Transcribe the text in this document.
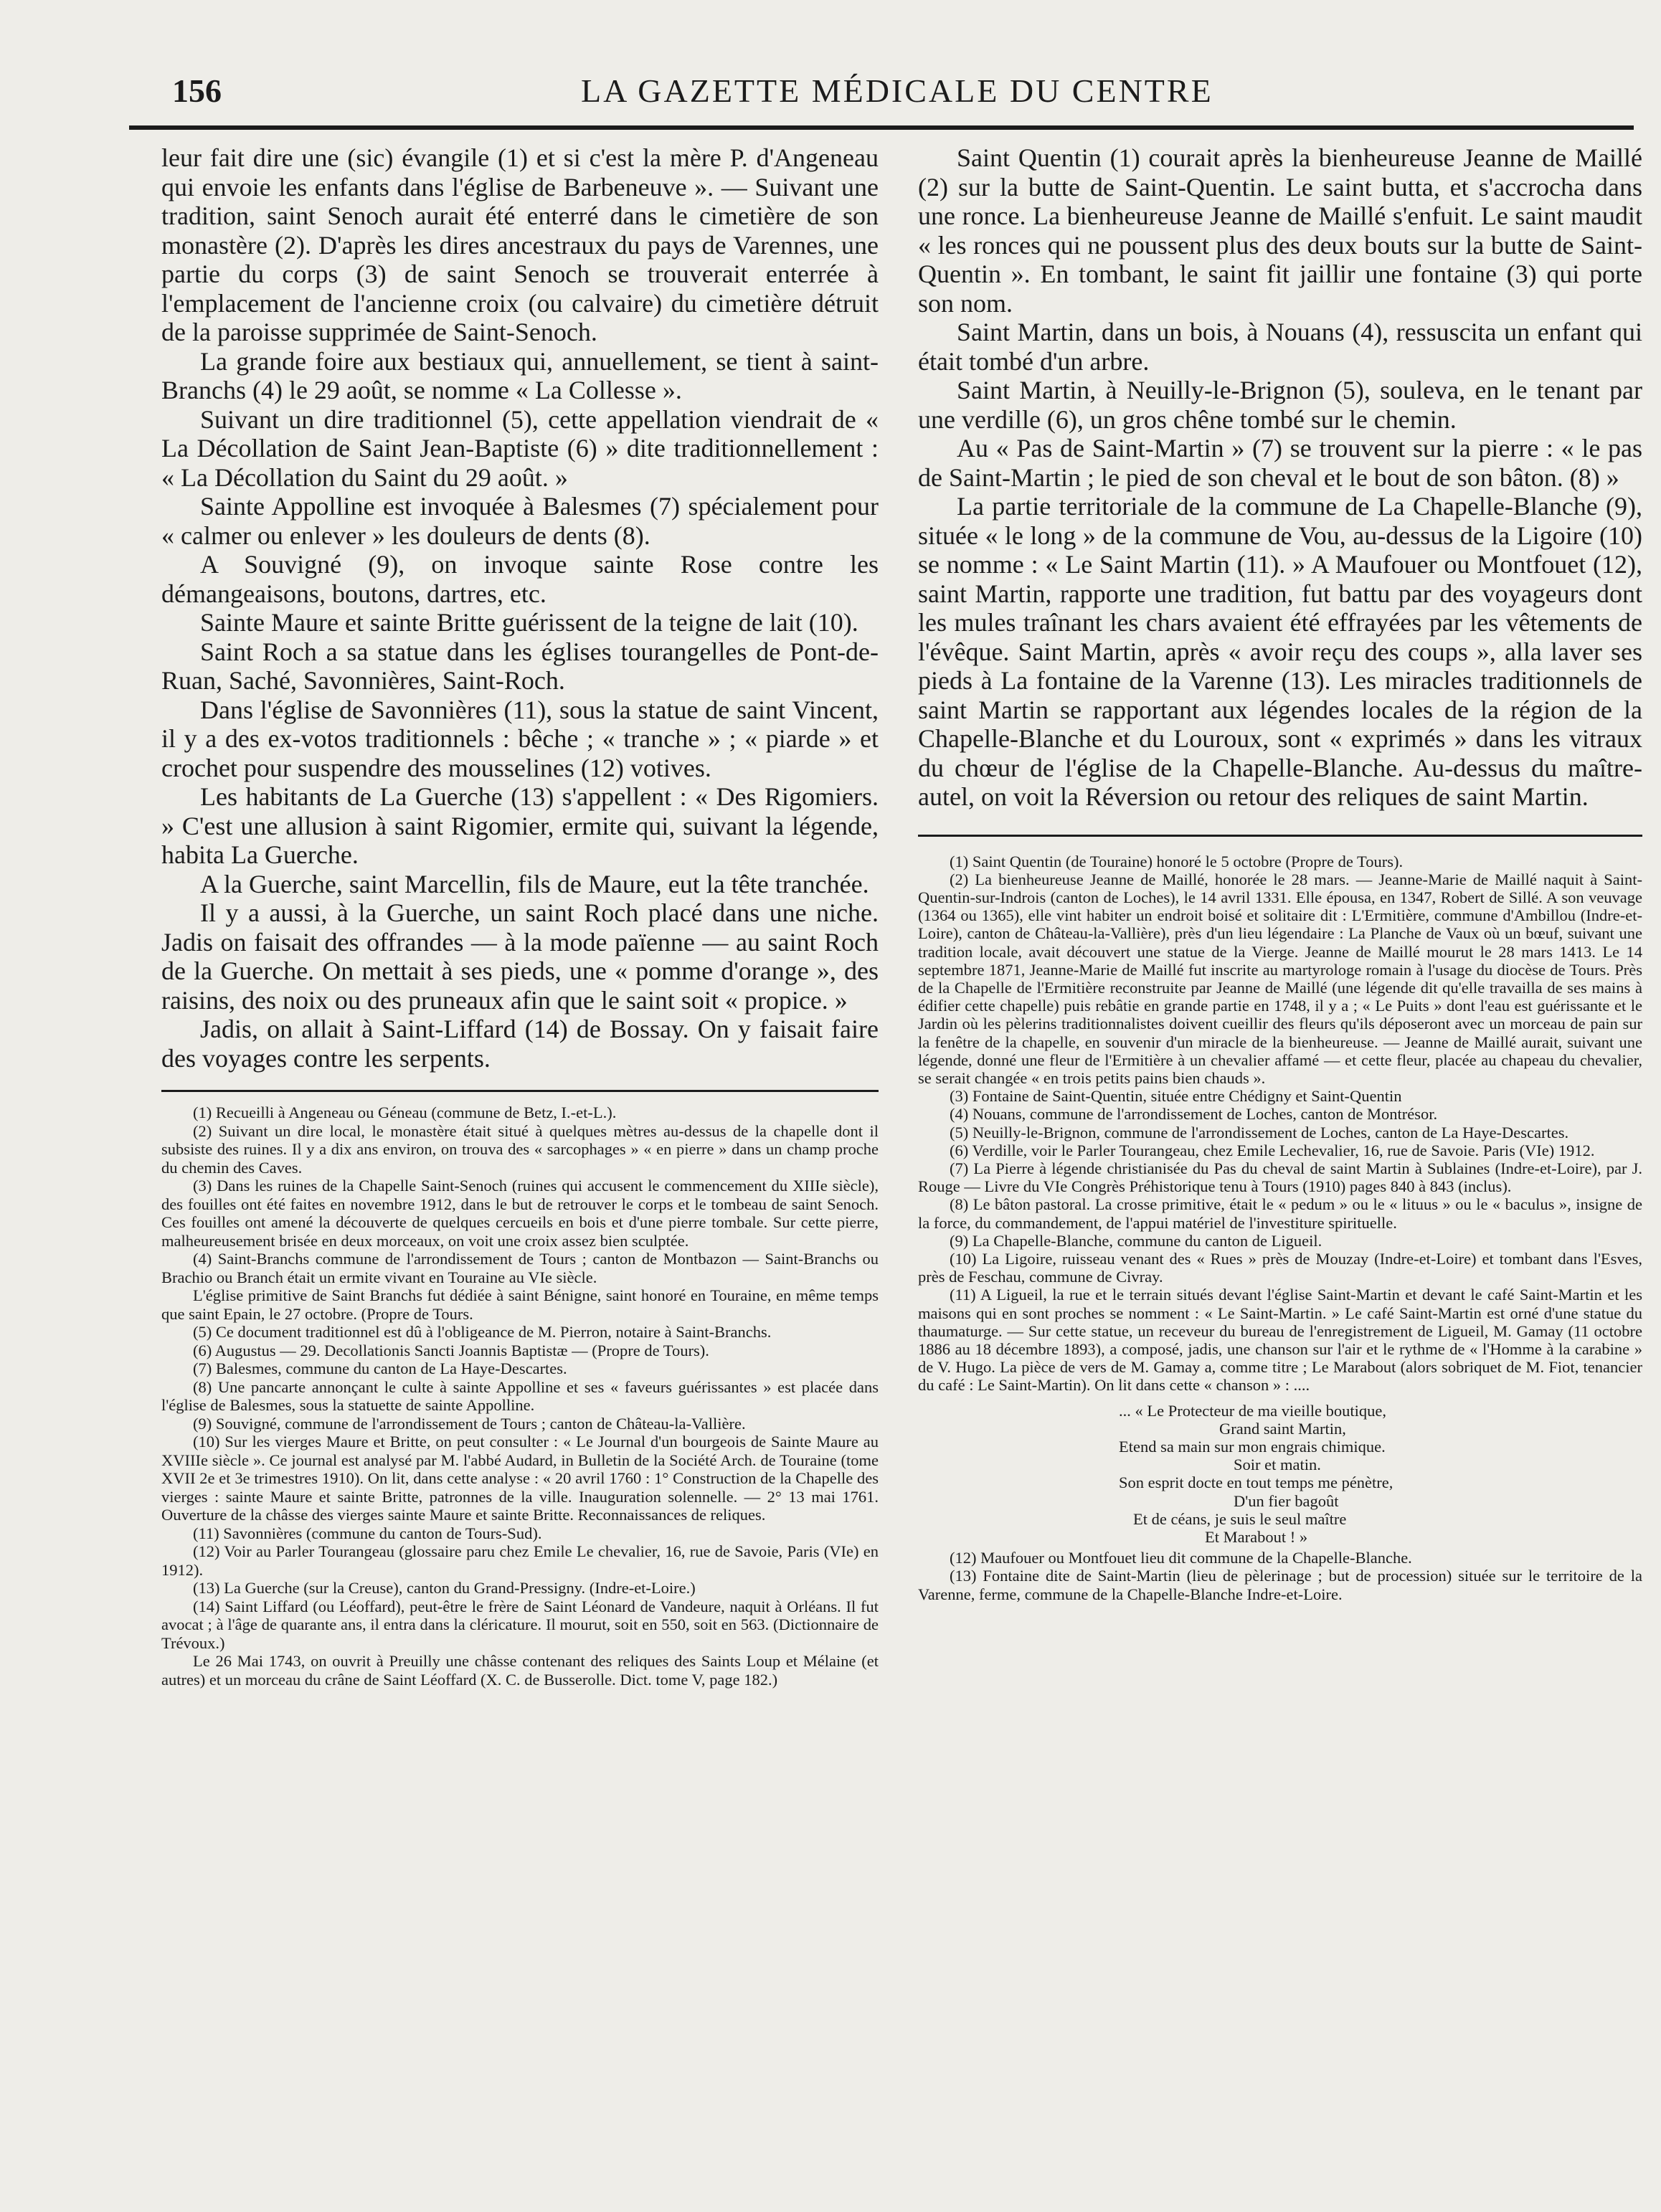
156	LA GAZETTE MÉDICALE DU CENTRE

leur fait dire une (sic) évangile (1) et si c'est la mère P. d'Angeneau qui envoie les enfants dans l'église de Barbeneuve ». — Suivant une tradition, saint Senoch aurait été enterré dans le cimetière de son monastère (2). D'après les dires ancestraux du pays de Varennes, une partie du corps (3) de saint Senoch se trouverait enterrée à l'emplacement de l'ancienne croix (ou calvaire) du cimetière détruit de la paroisse supprimée de Saint-Senoch.

La grande foire aux bestiaux qui, annuellement, se tient à saint-Branchs (4) le 29 août, se nomme « La Collesse ».

Suivant un dire traditionnel (5), cette appellation viendrait de « La Décollation de Saint Jean-Baptiste (6) » dite traditionnellement : « La Décollation du Saint du 29 août. »

Sainte Appolline est invoquée à Balesmes (7) spécialement pour « calmer ou enlever » les douleurs de dents (8).

A Souvigné (9), on invoque sainte Rose contre les démangeaisons, boutons, dartres, etc.

Sainte Maure et sainte Britte guérissent de la teigne de lait (10).

Saint Roch a sa statue dans les églises tourangelles de Pont-de-Ruan, Saché, Savonnières, Saint-Roch.

Dans l'église de Savonnières (11), sous la statue de saint Vincent, il y a des ex-votos traditionnels : bêche ; « tranche » ; « piarde » et crochet pour suspendre des mousselines (12) votives.

Les habitants de La Guerche (13) s'appellent : « Des Rigomiers. » C'est une allusion à saint Rigomier, ermite qui, suivant la légende, habita La Guerche.

A la Guerche, saint Marcellin, fils de Maure, eut la tête tranchée.

Il y a aussi, à la Guerche, un saint Roch placé dans une niche. Jadis on faisait des offrandes — à la mode païenne — au saint Roch de la Guerche. On mettait à ses pieds, une « pomme d'orange », des raisins, des noix ou des pruneaux afin que le saint soit « propice. »

Jadis, on allait à Saint-Liffard (14) de Bossay. On y faisait faire des voyages contre les serpents.

(1) Recueilli à Angeneau ou Géneau (commune de Betz, I.-et-L.).

(2) Suivant un dire local, le monastère était situé à quelques mètres au-dessus de la chapelle dont il subsiste des ruines. Il y a dix ans environ, on trouva des « sarcophages » « en pierre » dans un champ proche du chemin des Caves.

(3) Dans les ruines de la Chapelle Saint-Senoch (ruines qui accusent le commencement du XIIIe siècle), des fouilles ont été faites en novembre 1912, dans le but de retrouver le corps et le tombeau de saint Senoch. Ces fouilles ont amené la découverte de quelques cercueils en bois et d'une pierre tombale. Sur cette pierre, malheureusement brisée en deux morceaux, on voit une croix assez bien sculptée.

(4) Saint-Branchs commune de l'arrondissement de Tours ; canton de Montbazon — Saint-Branchs ou Brachio ou Branch était un ermite vivant en Touraine au VIe siècle.

L'église primitive de Saint Branchs fut dédiée à saint Bénigne, saint honoré en Touraine, en même temps que saint Epain, le 27 octobre. (Propre de Tours.

(5) Ce document traditionnel est dû à l'obligeance de M. Pierron, notaire à Saint-Branchs.

(6) Augustus — 29. Decollationis Sancti Joannis Baptistæ — (Propre de Tours).

(7) Balesmes, commune du canton de La Haye-Descartes.

(8) Une pancarte annonçant le culte à sainte Appolline et ses « faveurs guérissantes » est placée dans l'église de Balesmes, sous la statuette de sainte Appolline.

(9) Souvigné, commune de l'arrondissement de Tours ; canton de Château-la-Vallière.

(10) Sur les vierges Maure et Britte, on peut consulter : « Le Journal d'un bourgeois de Sainte Maure au XVIIIe siècle ». Ce journal est analysé par M. l'abbé Audard, in Bulletin de la Société Arch. de Touraine (tome XVII 2e et 3e trimestres 1910). On lit, dans cette analyse : « 20 avril 1760 : 1° Construction de la Chapelle des vierges : sainte Maure et sainte Britte, patronnes de la ville. Inauguration solennelle. — 2° 13 mai 1761. Ouverture de la châsse des vierges sainte Maure et sainte Britte. Reconnaissances de reliques.

(11) Savonnières (commune du canton de Tours-Sud).

(12) Voir au Parler Tourangeau (glossaire paru chez Emile Le chevalier, 16, rue de Savoie, Paris (VIe) en 1912).

(13) La Guerche (sur la Creuse), canton du Grand-Pressigny. (Indre-et-Loire.)

(14) Saint Liffard (ou Léoffard), peut-être le frère de Saint Léonard de Vandeure, naquit à Orléans. Il fut avocat ; à l'âge de quarante ans, il entra dans la cléricature. Il mourut, soit en 550, soit en 563. (Dictionnaire de Trévoux.)

Le 26 Mai 1743, on ouvrit à Preuilly une châsse contenant des reliques des Saints Loup et Mélaine (et autres) et un morceau du crâne de Saint Léoffard (X. C. de Busserolle. Dict. tome V, page 182.)

Saint Quentin (1) courait après la bienheureuse Jeanne de Maillé (2) sur la butte de Saint-Quentin. Le saint butta, et s'accrocha dans une ronce. La bienheureuse Jeanne de Maillé s'enfuit. Le saint maudit « les ronces qui ne poussent plus des deux bouts sur la butte de Saint-Quentin ». En tombant, le saint fit jaillir une fontaine (3) qui porte son nom.

Saint Martin, dans un bois, à Nouans (4), ressuscita un enfant qui était tombé d'un arbre.

Saint Martin, à Neuilly-le-Brignon (5), souleva, en le tenant par une verdille (6), un gros chêne tombé sur le chemin.

Au « Pas de Saint-Martin » (7) se trouvent sur la pierre : « le pas de Saint-Martin ; le pied de son cheval et le bout de son bâton. (8) »

La partie territoriale de la commune de La Chapelle-Blanche (9), située « le long » de la commune de Vou, au-dessus de la Ligoire (10) se nomme : « Le Saint Martin (11). » A Maufouer ou Montfouet (12), saint Martin, rapporte une tradition, fut battu par des voyageurs dont les mules traînant les chars avaient été effrayées par les vêtements de l'évêque. Saint Martin, après « avoir reçu des coups », alla laver ses pieds à La fontaine de la Varenne (13). Les miracles traditionnels de saint Martin se rapportant aux légendes locales de la région de la Chapelle-Blanche et du Louroux, sont « exprimés » dans les vitraux du chœur de l'église de la Chapelle-Blanche. Au-dessus du maître-autel, on voit la Réversion ou retour des reliques de saint Martin.

(1) Saint Quentin (de Touraine) honoré le 5 octobre (Propre de Tours).

(2) La bienheureuse Jeanne de Maillé, honorée le 28 mars. — Jeanne-Marie de Maillé naquit à Saint-Quentin-sur-Indrois (canton de Loches), le 14 avril 1331. Elle épousa, en 1347, Robert de Sillé. A son veuvage (1364 ou 1365), elle vint habiter un endroit boisé et solitaire dit : L'Ermitière, commune d'Ambillou (Indre-et-Loire), canton de Château-la-Vallière), près d'un lieu légendaire : La Planche de Vaux où un bœuf, suivant une tradition locale, avait découvert une statue de la Vierge. Jeanne de Maillé mourut le 28 mars 1413. Le 14 septembre 1871, Jeanne-Marie de Maillé fut inscrite au martyrologe romain à l'usage du diocèse de Tours. Près de la Chapelle de l'Ermitière reconstruite par Jeanne de Maillé (une légende dit qu'elle travailla de ses mains à édifier cette chapelle) puis rebâtie en grande partie en 1748, il y a ; « Le Puits » dont l'eau est guérissante et le Jardin où les pèlerins traditionnalistes doivent cueillir des fleurs qu'ils déposeront avec un morceau de pain sur la fenêtre de la chapelle, en souvenir d'un miracle de la bienheureuse. — Jeanne de Maillé aurait, suivant une légende, donné une fleur de l'Ermitière à un chevalier affamé — et cette fleur, placée au chapeau du chevalier, se serait changée « en trois petits pains bien chauds ».

(3) Fontaine de Saint-Quentin, située entre Chédigny et Saint-Quentin

(4) Nouans, commune de l'arrondissement de Loches, canton de Montrésor.

(5) Neuilly-le-Brignon, commune de l'arrondissement de Loches, canton de La Haye-Descartes.

(6) Verdille, voir le Parler Tourangeau, chez Emile Lechevalier, 16, rue de Savoie. Paris (VIe) 1912.

(7) La Pierre à légende christianisée du Pas du cheval de saint Martin à Sublaines (Indre-et-Loire), par J. Rouge — Livre du VIe Congrès Préhistorique tenu à Tours (1910) pages 840 à 843 (inclus).

(8) Le bâton pastoral. La crosse primitive, était le « pedum » ou le « lituus » ou le « baculus », insigne de la force, du commandement, de l'appui matériel de l'investiture spirituelle.

(9) La Chapelle-Blanche, commune du canton de Ligueil.

(10) La Ligoire, ruisseau venant des « Rues » près de Mouzay (Indre-et-Loire) et tombant dans l'Esves, près de Feschau, commune de Civray.

(11) A Ligueil, la rue et le terrain situés devant l'église Saint-Martin et devant le café Saint-Martin et les maisons qui en sont proches se nomment : « Le Saint-Martin. » Le café Saint-Martin est orné d'une statue du thaumaturge. — Sur cette statue, un receveur du bureau de l'enregistrement de Ligueil, M. Gamay (11 octobre 1886 au 18 décembre 1893), a composé, jadis, une chanson sur l'air et le rythme de « l'Homme à la carabine » de V. Hugo. La pièce de vers de M. Gamay a, comme titre ; Le Marabout (alors sobriquet de M. Fiot, tenancier du café : Le Saint-Martin). On lit dans cette « chanson » : ....

... « Le Protecteur de ma vieille boutique,
Grand saint Martin,
Etend sa main sur mon engrais chimique.
Soir et matin.
Son esprit docte en tout temps me pénètre,
D'un fier bagoût
Et de céans, je suis le seul maître
Et Marabout ! »

(12) Maufouer ou Montfouet lieu dit commune de la Chapelle-Blanche.

(13) Fontaine dite de Saint-Martin (lieu de pèlerinage ; but de procession) située sur le territoire de la Varenne, ferme, commune de la Chapelle-Blanche Indre-et-Loire.
